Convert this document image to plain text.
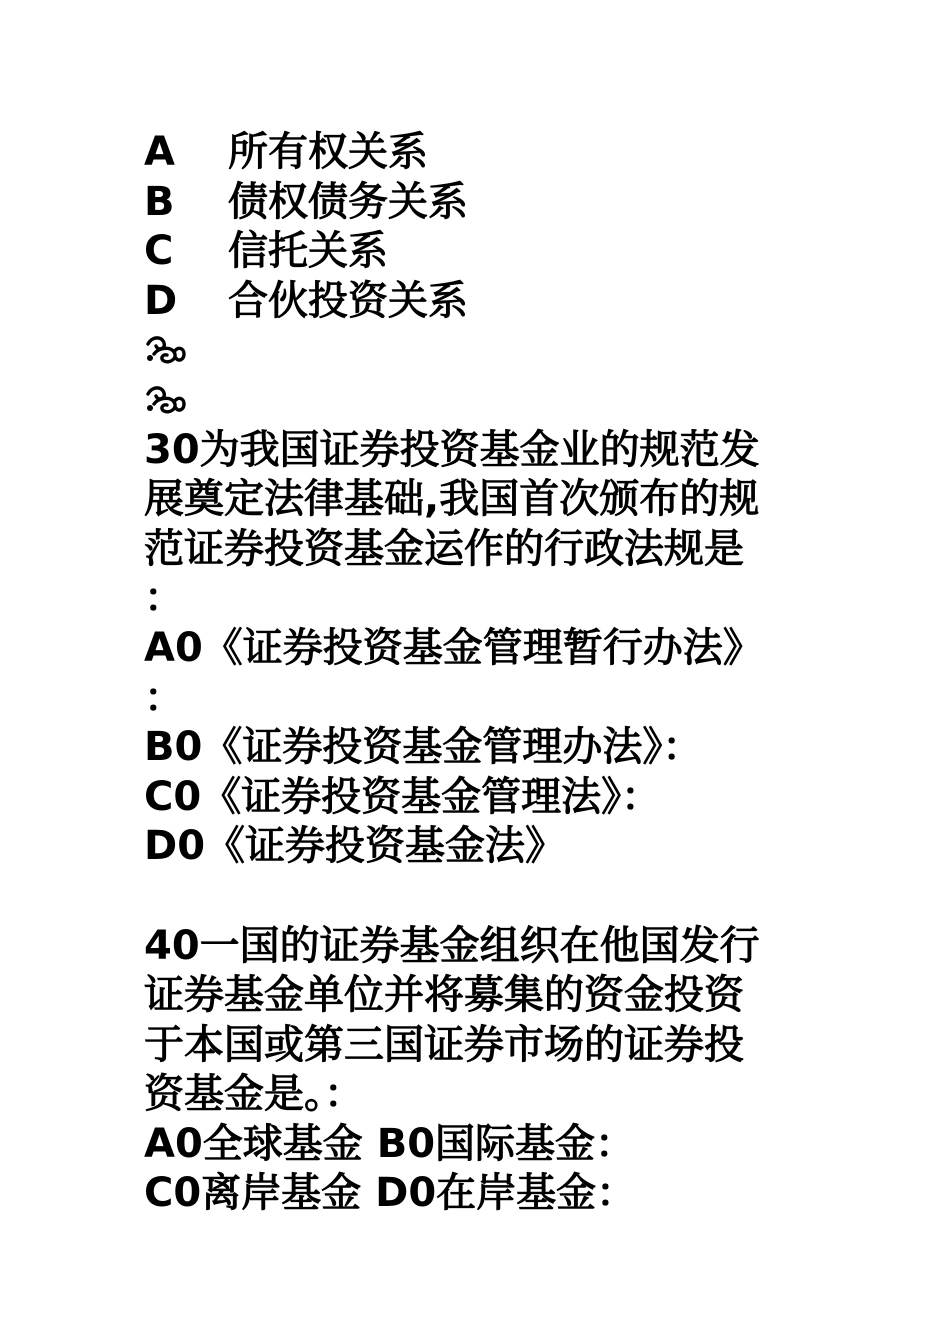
A 所有权关系
B 债权债务关系
C 信托关系
D 合伙投资关系
30为我国证券投资基金业的规范发
展奠定法律基础,我国首次颁布的规
范证券投资基金运作的行政法规是
：
A0《证券投资基金管理暂行办法》
：
B0《证券投资基金管理办法》：
C0《证券投资基金管理法》：
D0《证券投资基金法》
40一国的证券基金组织在他国发行
证券基金单位并将募集的资金投资
于本国或第三国证券市场的证券投
资基金是。：
A0全球基金 B0国际基金：
C0离岸基金 D0在岸基金：
